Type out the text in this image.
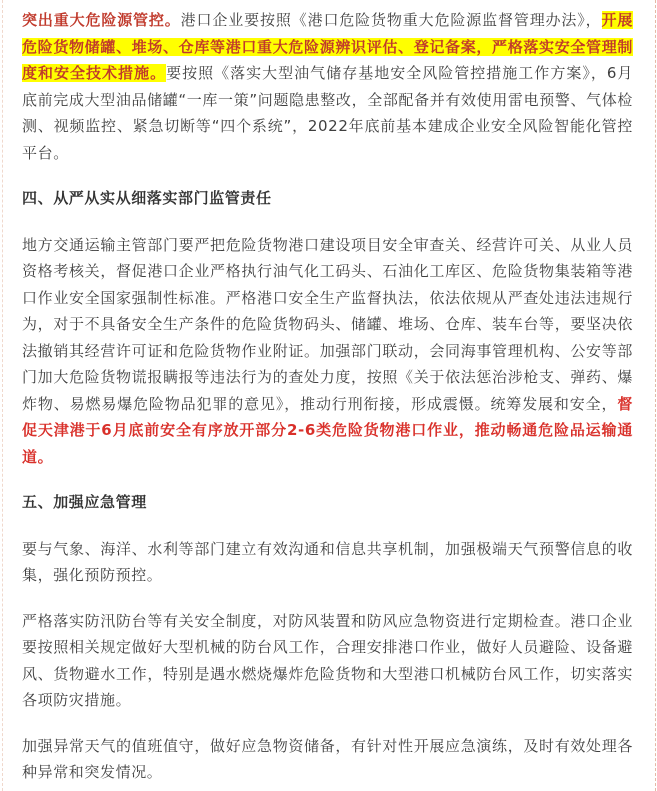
突出重大危险源管控。港口企业要按照《港口危险货物重大危险源监督管理办法》，开展危险货物储罐、堆场、仓库等港口重大危险源辨识评估、登记备案，严格落实安全管理制度和安全技术措施。要按照《落实大型油气储存基地安全风险管控措施工作方案》，6月底前完成大型油品储罐“一库一策”问题隐患整改，全部配备并有效使用雷电预警、气体检测、视频监控、紧急切断等“四个系统”，2022年底前基本建成企业安全风险智能化管控平台。

四、从严从实从细落实部门监管责任

地方交通运输主管部门要严把危险货物港口建设项目安全审查关、经营许可关、从业人员资格考核关，督促港口企业严格执行油气化工码头、石油化工库区、危险货物集装箱等港口作业安全国家强制性标准。严格港口安全生产监督执法，依法依规从严查处违法违规行为，对于不具备安全生产条件的危险货物码头、储罐、堆场、仓库、装车台等，要坚决依法撤销其经营许可证和危险货物作业附证。加强部门联动，会同海事管理机构、公安等部门加大危险货物谎报瞒报等违法行为的查处力度，按照《关于依法惩治涉枪支、弹药、爆炸物、易燃易爆危险物品犯罪的意见》，推动行刑衔接，形成震慑。统筹发展和安全，督促天津港于6月底前安全有序放开部分2-6类危险货物港口作业，推动畅通危险品运输通道。

五、加强应急管理

要与气象、海洋、水利等部门建立有效沟通和信息共享机制，加强极端天气预警信息的收集，强化预防预控。

严格落实防汛防台等有关安全制度，对防风装置和防风应急物资进行定期检查。港口企业要按照相关规定做好大型机械的防台风工作，合理安排港口作业，做好人员避险、设备避风、货物避水工作，特别是遇水燃烧爆炸危险货物和大型港口机械防台风工作，切实落实各项防灾措施。

加强异常天气的值班值守，做好应急物资储备，有针对性开展应急演练，及时有效处理各种异常和突发情况。
